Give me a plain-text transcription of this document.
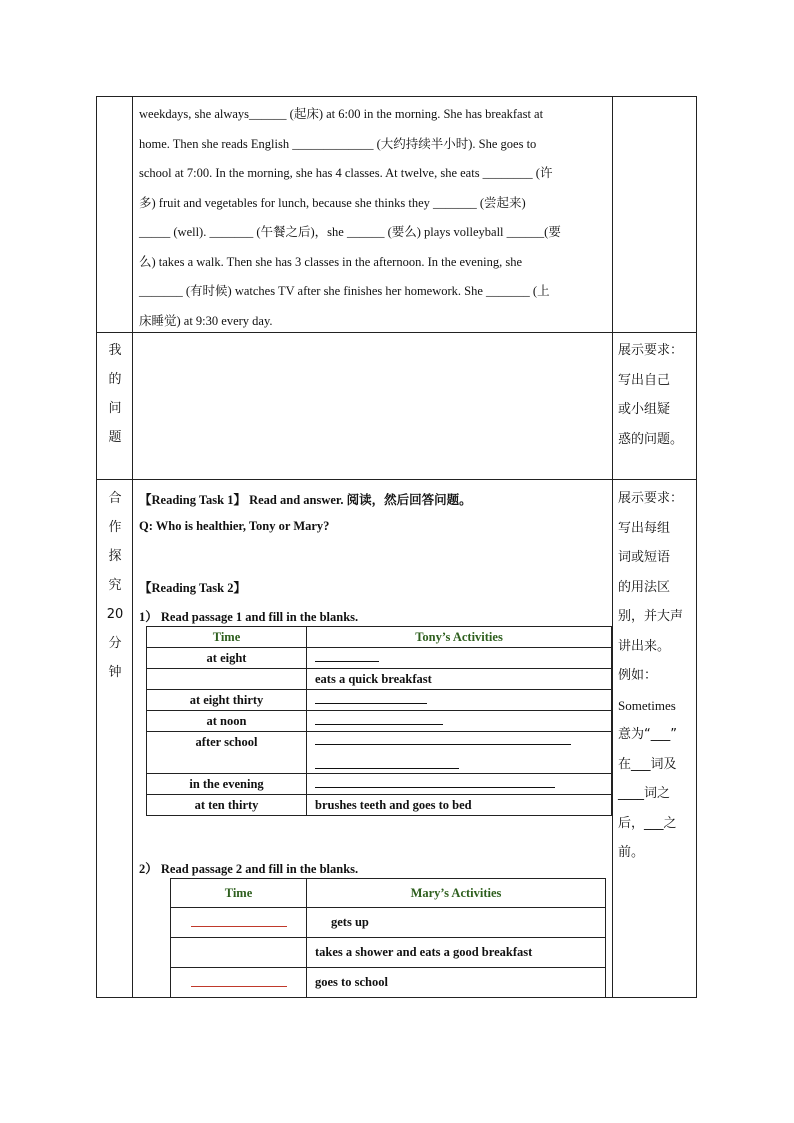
weekdays, she always______ (起床) at 6:00 in the morning. She has breakfast at
home. Then she reads English _____________ (大约持续半小时). She goes to
school at 7:00. In the morning, she has 4 classes. At twelve, she eats ________ (许
多) fruit and vegetables for lunch, because she thinks they _______ (尝起来)
_____ (well). _______ (午餐之后)，she ______ (要么) plays volleyball ______(要
么) takes a walk. Then she has 3 classes in the afternoon. In the evening, she
_______ (有时候) watches TV after she finishes her homework. She _______ (上
床睡觉) at 9:30 every day.
我
的
问
题
展示要求：
写出自己
或小组疑
惑的问题。
合
作
探
究
20
分
钟
展示要求：
写出每组
词或短语
的用法区
别，并大声
讲出来。
例如：
Sometimes
意为“___”
在___词及
____词之
后，___之
前。
【Reading Task 1】 Read and answer. 阅读，然后回答问题。
Q: Who is healthier, Tony or Mary?
【Reading Task 2】
1） Read passage 1 and fill in the blanks.
Time	Tony’s Activities
at eight	
	eats a quick breakfast
at eight thirty	
at noon	
after school	

in the evening	
at ten thirty	brushes teeth and goes to bed
2） Read passage 2 and fill in the blanks.
Time	Mary’s Activities
	gets up
	takes a shower and eats a good breakfast
	goes to school
